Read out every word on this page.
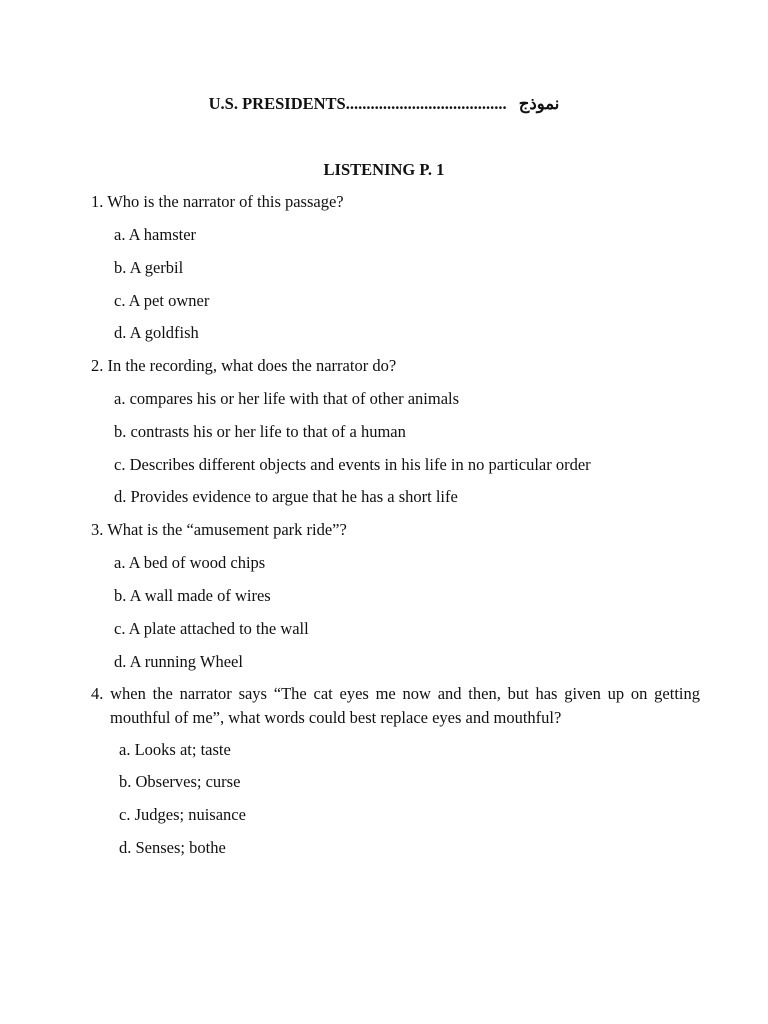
U.S. PRESIDENTS....................................... نموذج
LISTENING P. 1
1. Who is the narrator of this passage?
a. A hamster
b. A gerbil
c. A pet owner
d. A goldfish
2. In the recording, what does the narrator do?
a. compares his or her life with that of other animals
b. contrasts his or her life to that of a human
c. Describes different objects and events in his life in no particular order
d. Provides evidence to argue that he has a short life
3. What is the “amusement park ride”?
a. A bed of wood chips
b. A wall made of wires
c. A plate attached to the wall
d. A running Wheel
4. when the narrator says “The cat eyes me now and then, but has given up on getting mouthful of me”, what words could best replace eyes and mouthful?
a. Looks at; taste
b. Observes; curse
c. Judges; nuisance
d. Senses; bothe
